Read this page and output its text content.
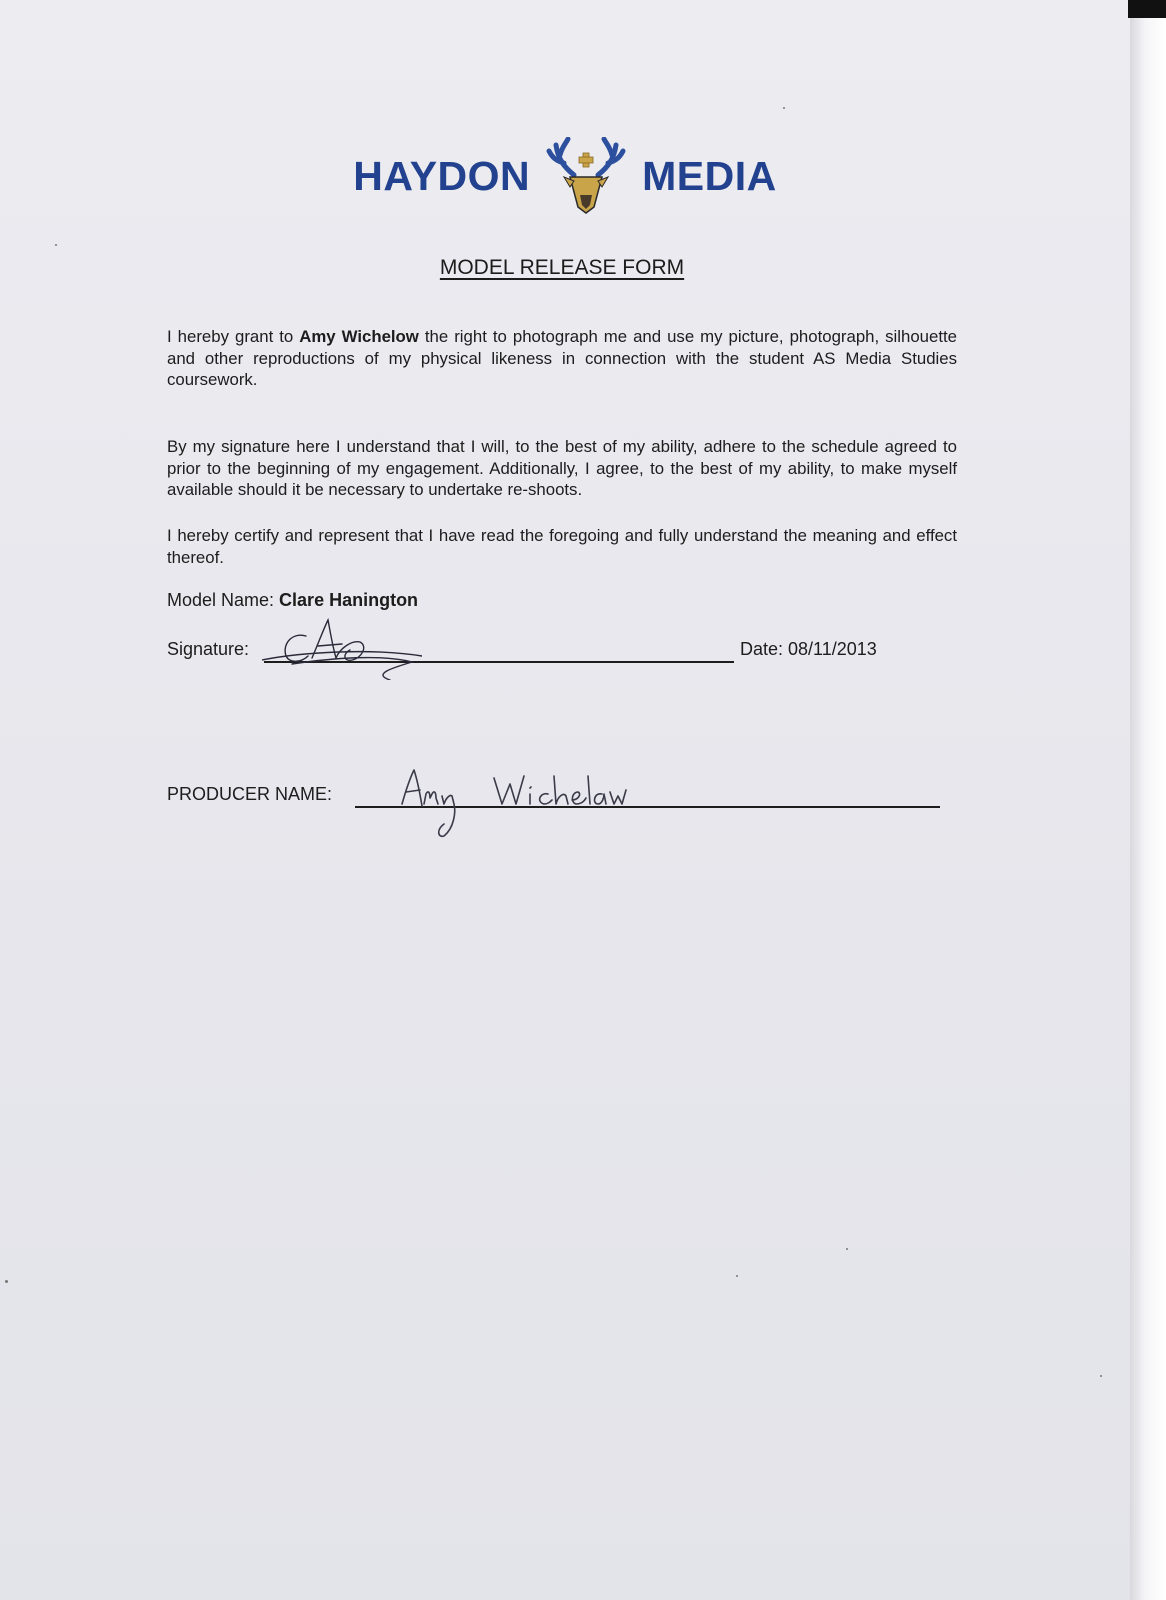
HAYDON	MEDIA
MODEL RELEASE FORM
I hereby grant to Amy Wichelow the right to photograph me and use my picture, photograph, silhouette and other reproductions of my physical likeness in connection with the student AS Media Studies coursework.
By my signature here I understand that I will, to the best of my ability, adhere to the schedule agreed to prior to the beginning of my engagement. Additionally, I agree, to the best of my ability, to make myself available should it be necessary to undertake re-shoots.
I hereby certify and represent that I have read the foregoing and fully understand the meaning and effect thereof.
Model Name: Clare Hanington
Signature:	Date: 08/11/2013
PRODUCER NAME:
